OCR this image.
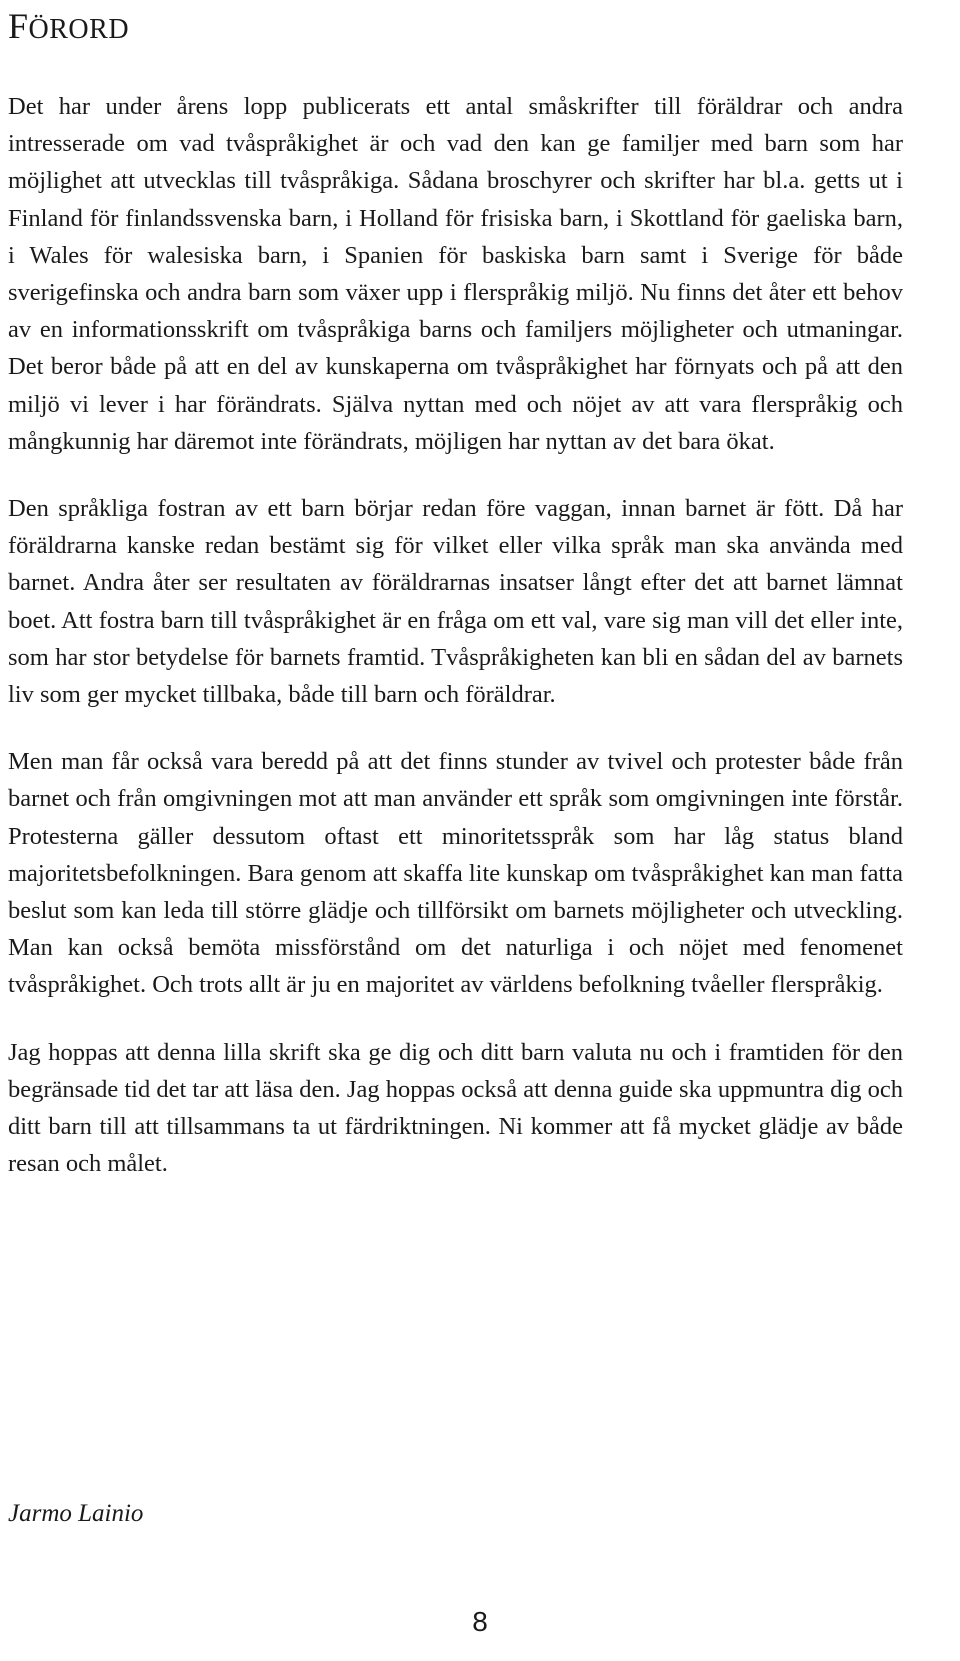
FÖRORD

Det har under årens lopp publicerats ett antal småskrifter till föräldrar och andra intresserade om vad tvåspråkighet är och vad den kan ge familjer med barn som har möjlighet att utvecklas till tvåspråkiga. Sådana broschyrer och skrifter har bl.a. getts ut i Finland för finlandssvenska barn, i Holland för frisiska barn, i Skottland för gaeliska barn, i Wales för walesiska barn, i Spanien för baskiska barn samt i Sverige för både sverigefinska och andra barn som växer upp i flerspråkig miljö. Nu finns det åter ett behov av en informationsskrift om tvåspråkiga barns och familjers möjligheter och utmaningar. Det beror både på att en del av kunskaperna om tvåspråkighet har förnyats och på att den miljö vi lever i har förändrats. Själva nyttan med och nöjet av att vara flerspråkig och mångkunnig har däremot inte förändrats, möjligen har nyttan av det bara ökat.

Den språkliga fostran av ett barn börjar redan före vaggan, innan barnet är fött. Då har föräldrarna kanske redan bestämt sig för vilket eller vilka språk man ska använda med barnet. Andra åter ser resultaten av föräldrarnas insatser långt efter det att barnet lämnat boet. Att fostra barn till tvåspråkighet är en fråga om ett val, vare sig man vill det eller inte, som har stor betydelse för barnets framtid. Tvåspråkigheten kan bli en sådan del av barnets liv som ger mycket tillbaka, både till barn och föräldrar.

Men man får också vara beredd på att det finns stunder av tvivel och protester både från barnet och från omgivningen mot att man använder ett språk som omgivningen inte förstår. Protesterna gäller dessutom oftast ett minoritetsspråk som har låg status bland majoritetsbefolkningen. Bara genom att skaffa lite kunskap om tvåspråkighet kan man fatta beslut som kan leda till större glädje och tillförsikt om barnets möjligheter och utveckling. Man kan också bemöta missförstånd om det naturliga i och nöjet med fenomenet tvåspråkighet. Och trots allt är ju en majoritet av världens befolkning tvåeller flerspråkig.

Jag hoppas att denna lilla skrift ska ge dig och ditt barn valuta nu och i framtiden för den begränsade tid det tar att läsa den. Jag hoppas också att denna guide ska uppmuntra dig och ditt barn till att tillsammans ta ut färdriktningen. Ni kommer att få mycket glädje av både resan och målet.

Jarmo Lainio

8
